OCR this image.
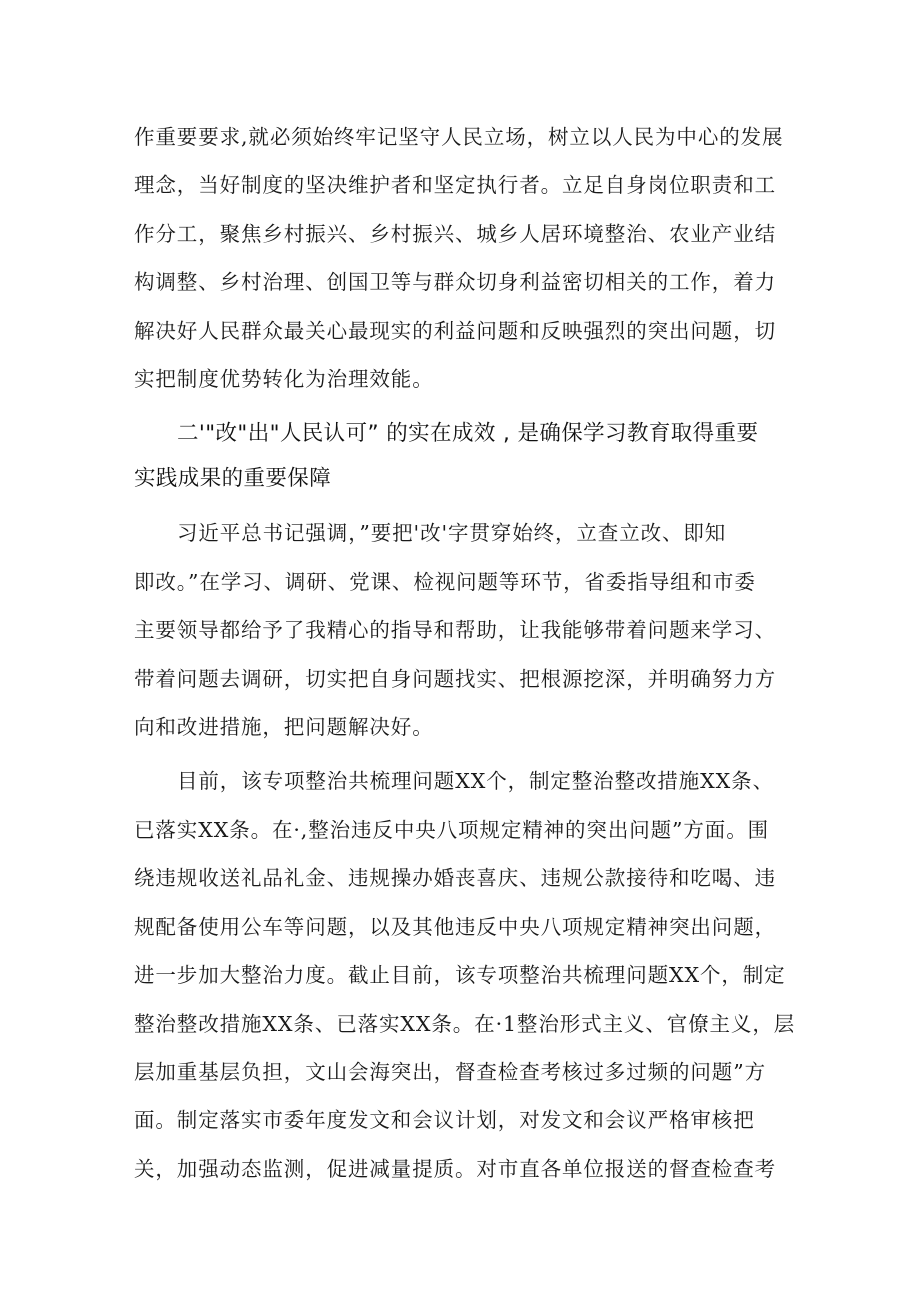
作重要要求,就必须始终牢记坚守人民立场，树立以人民为中心的发展
理念，当好制度的坚决维护者和坚定执行者。立足自身岗位职责和工
作分工，聚焦乡村振兴、乡村振兴、城乡人居环境整治、农业产业结
构调整、乡村治理、创国卫等与群众切身利益密切相关的工作，着力
解决好人民群众最关心最现实的利益问题和反映强烈的突出问题，切
实把制度优势转化为治理效能。

二'"改"出"人民认可” 的实在成效 , 是确保学习教育取得重要
实践成果的重要保障

习近平总书记强调，”要把'改'字贯穿始终，立查立改、即知
即改。”在学习、调研、党课、检视问题等环节，省委指导组和市委
主要领导都给予了我精心的指导和帮助，让我能够带着问题来学习、
带着问题去调研，切实把自身问题找实、把根源挖深，并明确努力方
向和改进措施，把问题解决好。

目前，该专项整治共梳理问题XX个，制定整治整改措施XX条、
已落实XX条。在·,整治违反中央八项规定精神的突出问题”方面。围
绕违规收送礼品礼金、违规操办婚丧喜庆、违规公款接待和吃喝、违
规配备使用公车等问题，以及其他违反中央八项规定精神突出问题，
进一步加大整治力度。截止目前，该专项整治共梳理问题XX个，制定
整治整改措施XX条、已落实XX条。在·1整治形式主义、官僚主义，层
层加重基层负担，文山会海突出，督查检查考核过多过频的问题”方
面。制定落实市委年度发文和会议计划，对发文和会议严格审核把
关，加强动态监测，促进减量提质。对市直各单位报送的督查检查考
